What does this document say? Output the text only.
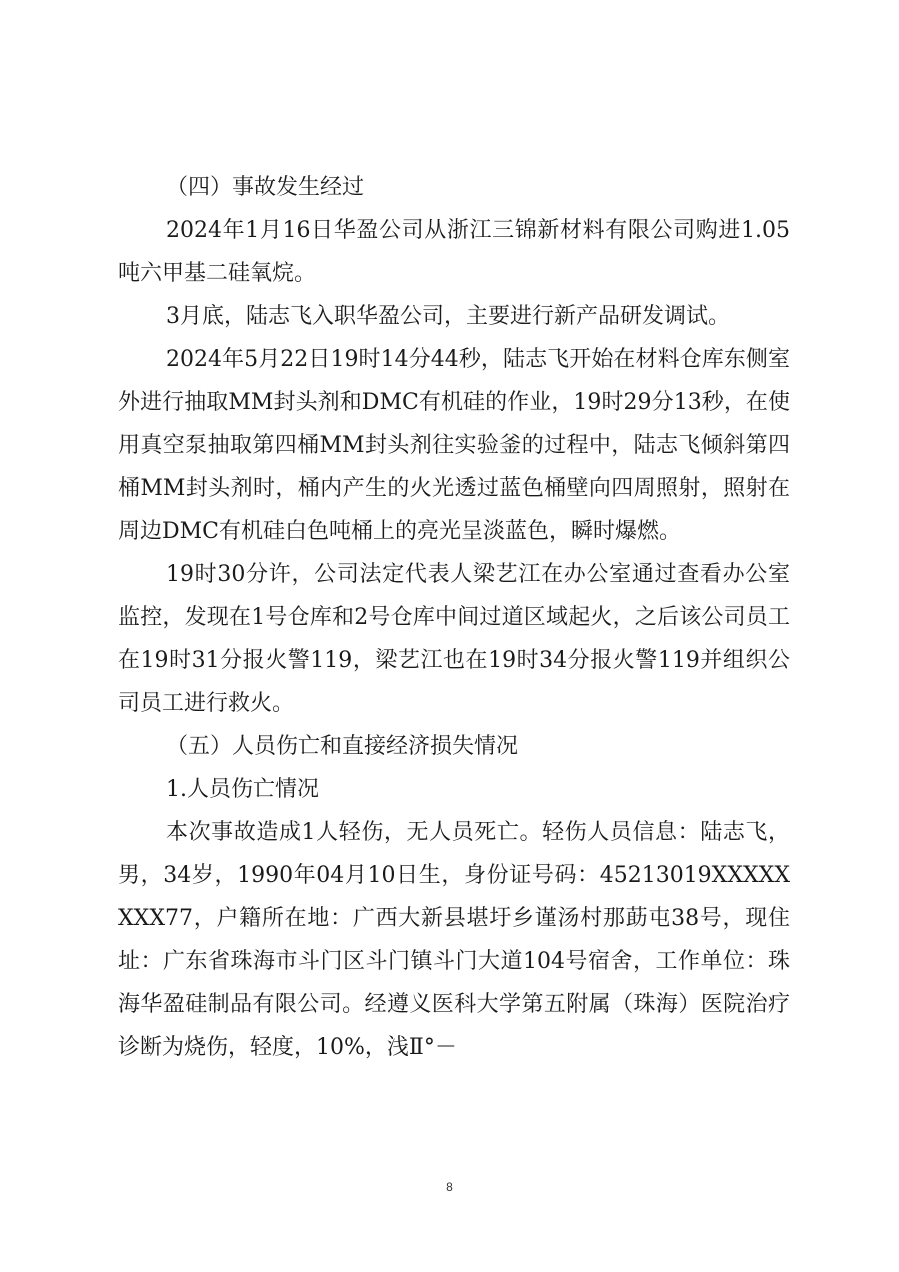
（四）事故发生经过
2024年1月16日华盈公司从浙江三锦新材料有限公司购进1.05吨六甲基二硅氧烷。
3月底，陆志飞入职华盈公司，主要进行新产品研发调试。
2024年5月22日19时14分44秒，陆志飞开始在材料仓库东侧室外进行抽取MM封头剂和DMC有机硅的作业，19时29分13秒，在使用真空泵抽取第四桶MM封头剂往实验釜的过程中，陆志飞倾斜第四桶MM封头剂时，桶内产生的火光透过蓝色桶壁向四周照射，照射在周边DMC有机硅白色吨桶上的亮光呈淡蓝色，瞬时爆燃。
19时30分许，公司法定代表人梁艺江在办公室通过查看办公室监控，发现在1号仓库和2号仓库中间过道区域起火，之后该公司员工在19时31分报火警119，梁艺江也在19时34分报火警119并组织公司员工进行救火。
（五）人员伤亡和直接经济损失情况
1.人员伤亡情况
本次事故造成1人轻伤，无人员死亡。轻伤人员信息：陆志飞，男，34岁，1990年04月10日生，身份证号码：45213019XXXXXXXX77，户籍所在地：广西大新县堪圩乡谨汤村那莇屯38号，现住址：广东省珠海市斗门区斗门镇斗门大道104号宿舍，工作单位：珠海华盈硅制品有限公司。经遵义医科大学第五附属（珠海）医院治疗诊断为烧伤，轻度，10%，浅Ⅱ°－
8
